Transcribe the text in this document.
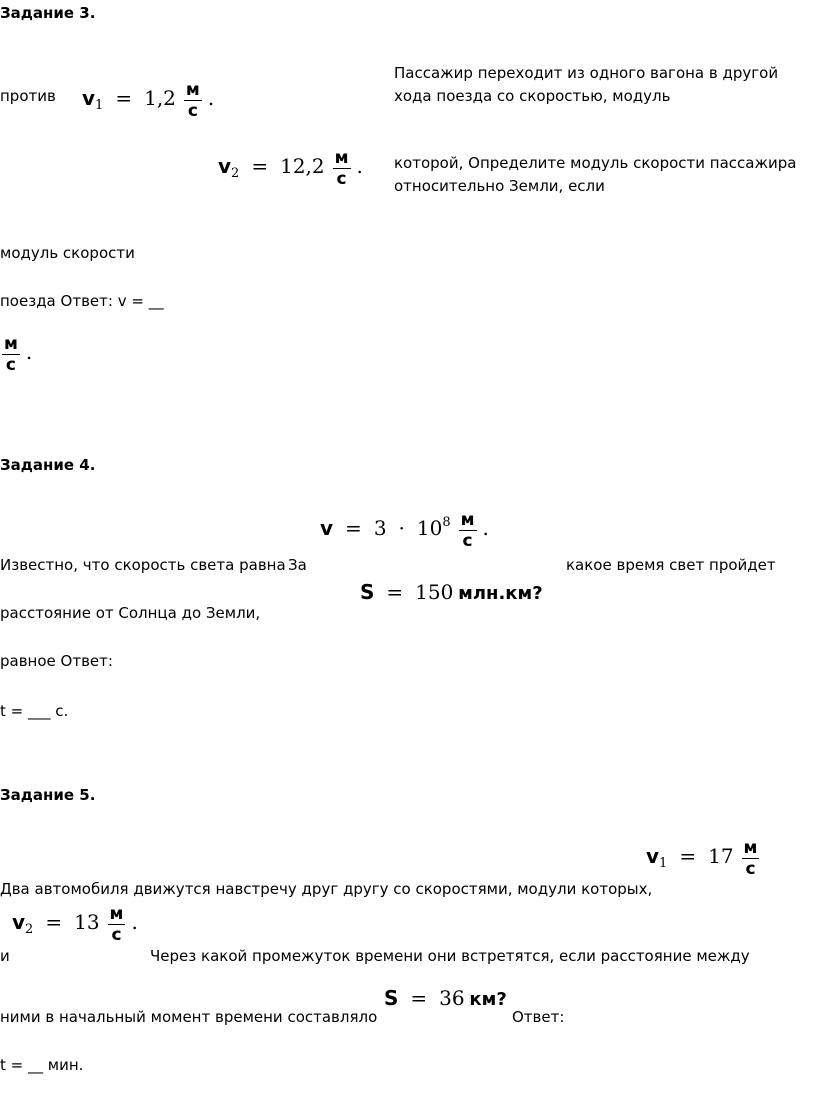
Задание 3.
Пассажир переходит из одного вагона в другой
хода поезда со скоростью, модуль
против $v1 = 1,2 \frac{м}{с}$ .
$v2 = 12,2 \frac{м}{с}$ . которой, Определите модуль скорости пассажира
относительно Земли, если
модуль скорости
поезда Ответ: v = __
$\frac{м}{с}$ .
Задание 4.
$v = 3 \cdot 108 \frac{м}{с}$ .
Известно, что скорость света равна За	какое время свет пройдет
S = 150 млн.км?
расстояние от Солнца до Земли,
равное Ответ:
t = ___ с.
Задание 5.
$v1 = 17 \frac{м}{с}$
Два автомобиля движутся навстречу друг другу со скоростями, модули которых,
$v2 = 13 \frac{м}{с}$ .
и	Через какой промежуток времени они встретятся, если расстояние между
S = 36 км?
ними в начальный момент времени составляло	Ответ:
t = __ мин.
